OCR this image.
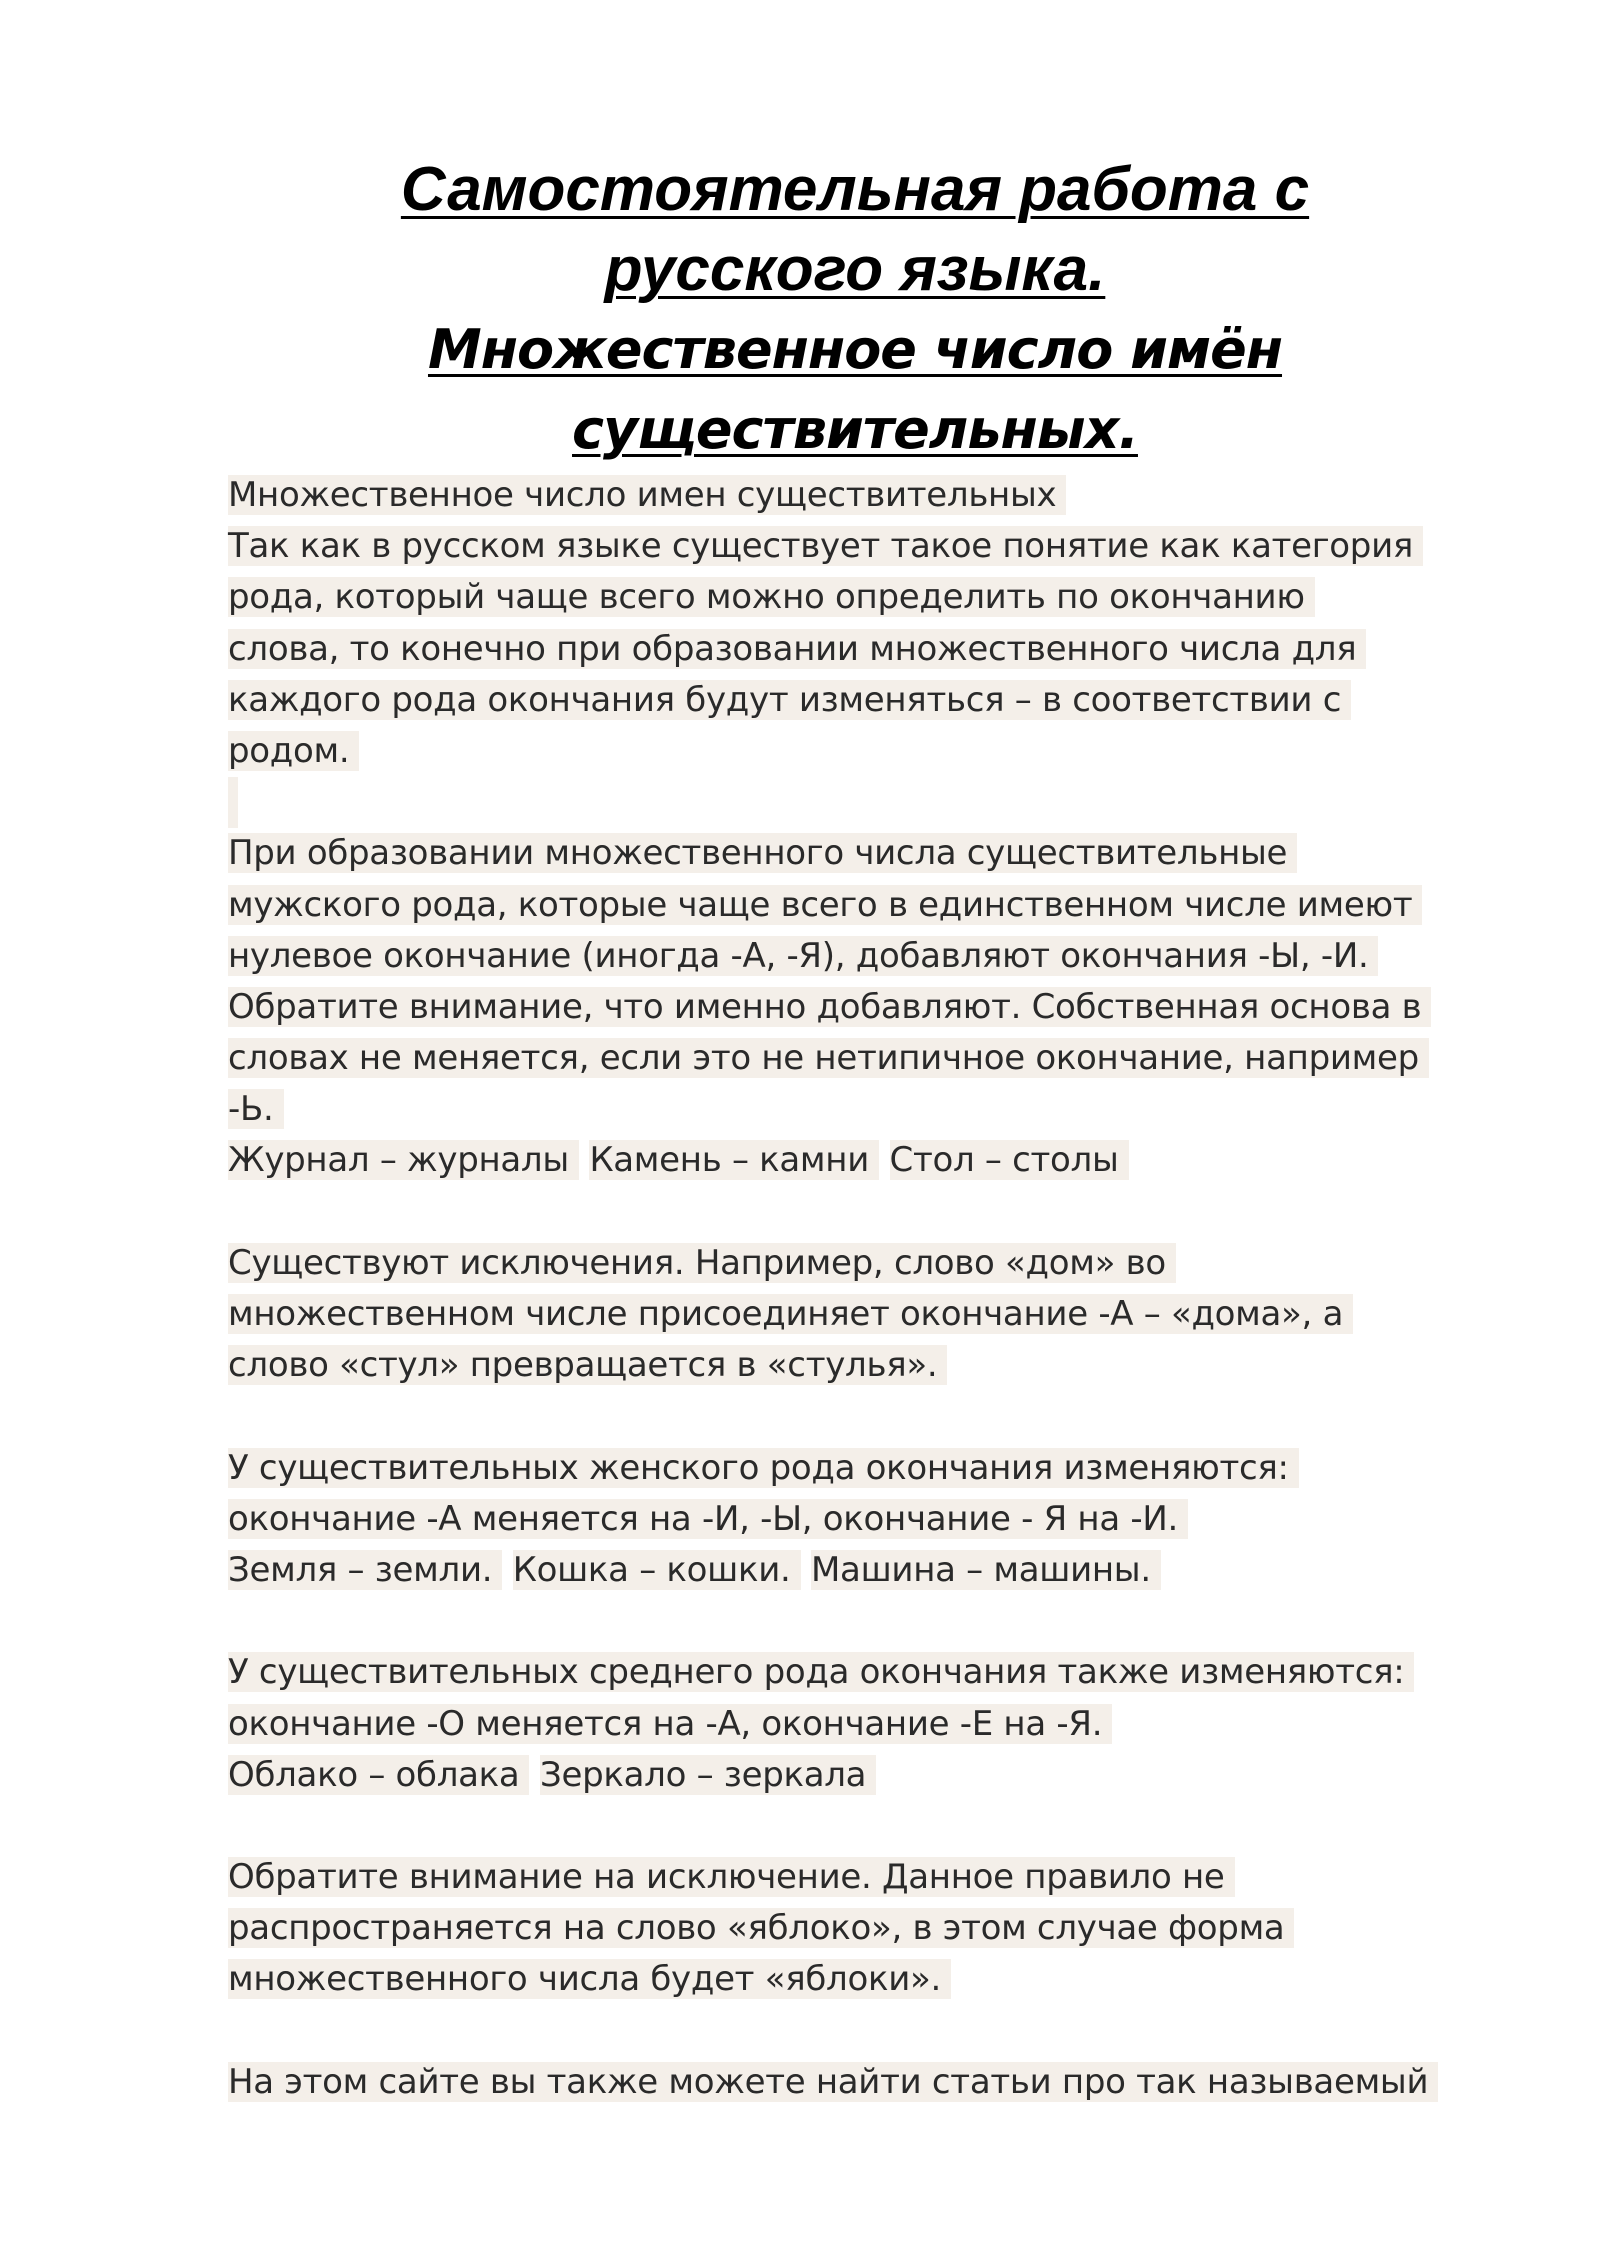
Самостоятельная работа с
русского языка.
Множественное число имён
существительных.
Множественное число имен существительных
Так как в русском языке существует такое понятие как категория
рода, который чаще всего можно определить по окончанию
слова, то конечно при образовании множественного числа для
каждого рода окончания будут изменяться – в соответствии с
родом.
При образовании множественного числа существительные
мужского рода, которые чаще всего в единственном числе имеют
нулевое окончание (иногда -А, -Я), добавляют окончания -Ы, -И.
Обратите внимание, что именно добавляют. Собственная основа в
словах не меняется, если это не нетипичное окончание, например
-Ь.
Журнал – журналы Камень – камни Стол – столы
Существуют исключения. Например, слово «дом» во
множественном числе присоединяет окончание -А – «дома», а
слово «стул» превращается в «стулья».
У существительных женского рода окончания изменяются:
окончание -А меняется на -И, -Ы, окончание - Я на -И.
Земля – земли. Кошка – кошки. Машина – машины.
У существительных среднего рода окончания также изменяются:
окончание -О меняется на -А, окончание -Е на -Я.
Облако – облака Зеркало – зеркала
Обратите внимание на исключение. Данное правило не
распространяется на слово «яблоко», в этом случае форма
множественного числа будет «яблоки».
На этом сайте вы также можете найти статьи про так называемый
